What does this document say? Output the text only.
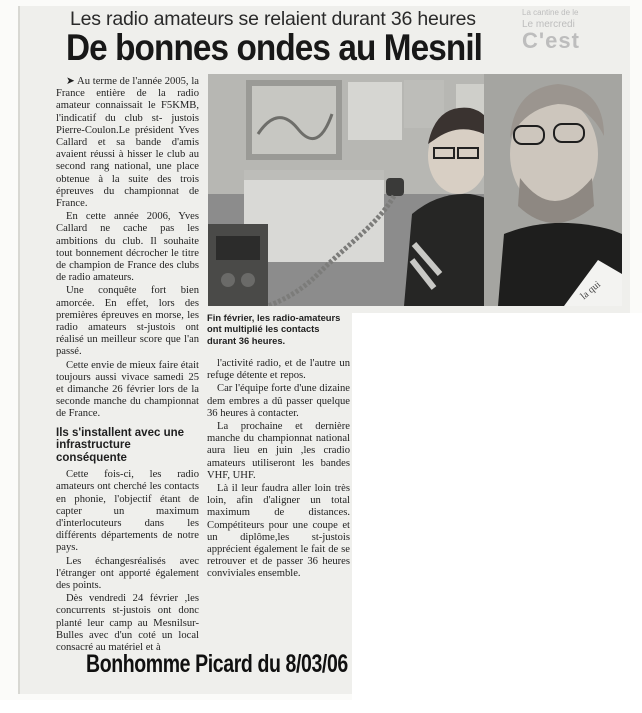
La cantine de le
Le mercredi
C'est
Les radio amateurs se relaient durant 36 heures
De bonnes ondes au Mesnil

➤ Au terme de l'année 2005, la France entière de la radio amateur connaissait le F5KMB, l'indicatif du club st- justois Pierre-Coulon.Le président Yves Callard et sa bande d'amis avaient réussi à hisser le club au second rang national, une place obtenue à la suite des trois épreuves du championnat de France.

En cette année 2006, Yves Callard ne cache pas les ambitions du club. Il souhaite tout bonnement décrocher le titre de champion de France des clubs de radio amateurs.

Une conquête fort bien amorcée. En effet, lors des premières épreuves en morse, les radio amateurs st-justois ont réalisé un meilleur score que l'an passé.

Cette envie de mieux faire était toujours aussi vivace samedi 25 et dimanche 26 février lors de la seconde manche du championnat de France.

Ils s'installent avec une infrastructure conséquente

Cette fois-ci, les radio amateurs ont cherché les contacts en phonie, l'objectif étant de capter un maximum d'interlocuteurs dans les différents départements de notre pays.

Les échangesréalisés avec l'étranger ont apporté également des points.

Dès vendredi 24 février ,les concurrents st-justois ont donc planté leur camp au Mesnilsur-Bulles avec d'un coté un local consacré au matériel et à

la qui
Fin février, les radio-amateurs ont multiplié les contacts durant 36 heures.

l'activité radio, et de l'autre un refuge détente et repos.

Car l'équipe forte d'une dizaine dem embres a dû passer quelque 36 heures à contacter.

La prochaine et dernière manche du championnat national aura lieu en juin ,les cradio amateurs utiliseront les bandes VHF, UHF.

Là il leur faudra aller loin très loin, afin d'aligner un total maximum de distances. Compétiteurs pour une coupe et un diplôme,les st-justois apprécient également le fait de se retrouver et de passer 36 heures conviviales ensemble.

Bonhomme Picard du 8/03/06
